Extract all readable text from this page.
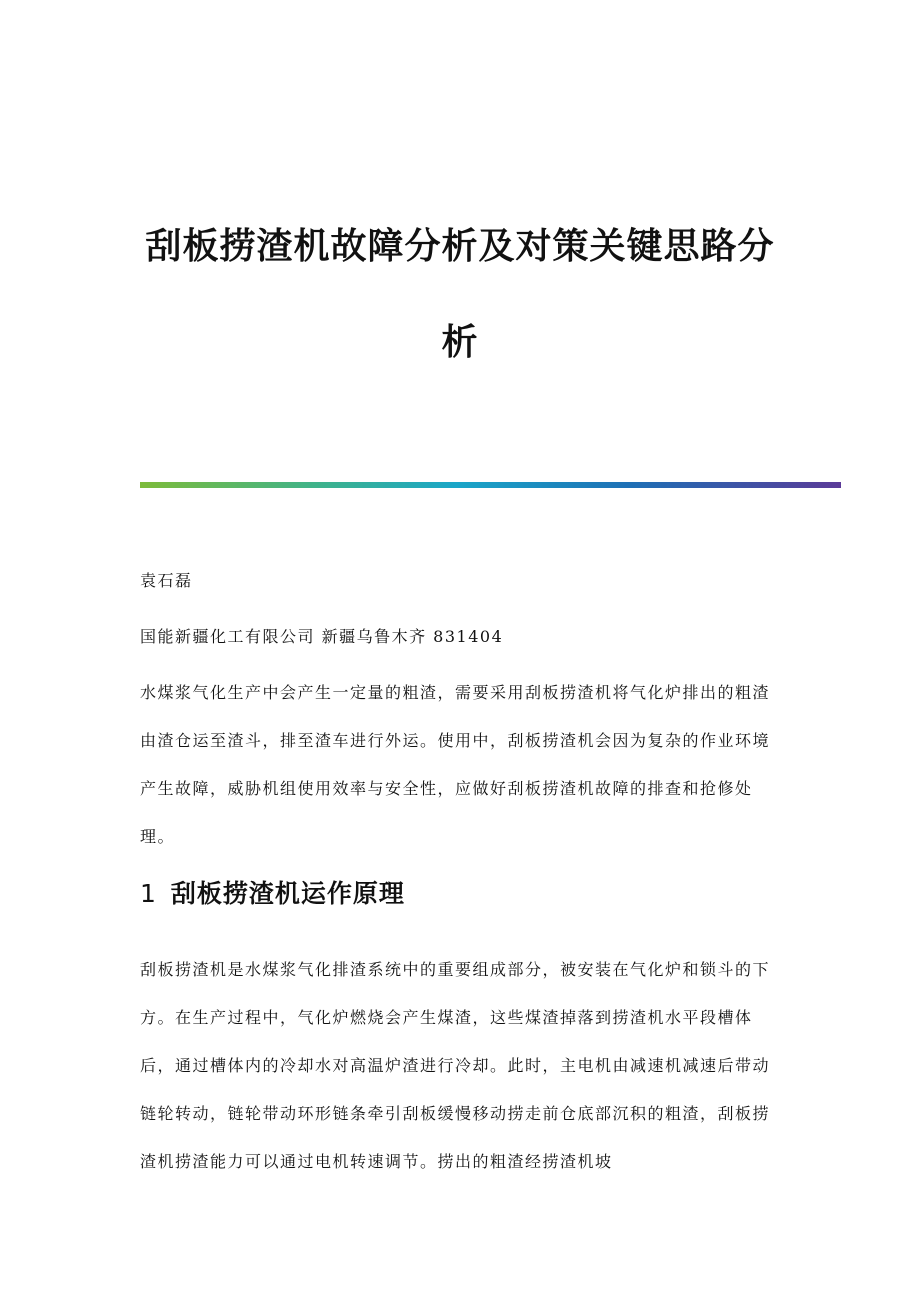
刮板捞渣机故障分析及对策关键思路分
析
袁石磊
国能新疆化工有限公司 新疆乌鲁木齐 831404
水煤浆气化生产中会产生一定量的粗渣，需要采用刮板捞渣机将气化炉排出的粗渣由渣仓运至渣斗，排至渣车进行外运。使用中，刮板捞渣机会因为复杂的作业环境产生故障，威胁机组使用效率与安全性，应做好刮板捞渣机故障的排查和抢修处理。
1 刮板捞渣机运作原理
刮板捞渣机是水煤浆气化排渣系统中的重要组成部分，被安装在气化炉和锁斗的下方。在生产过程中，气化炉燃烧会产生煤渣，这些煤渣掉落到捞渣机水平段槽体后，通过槽体内的冷却水对高温炉渣进行冷却。此时，主电机由减速机减速后带动链轮转动，链轮带动环形链条牵引刮板缓慢移动捞走前仓底部沉积的粗渣，刮板捞渣机捞渣能力可以通过电机转速调节。捞出的粗渣经捞渣机坡
